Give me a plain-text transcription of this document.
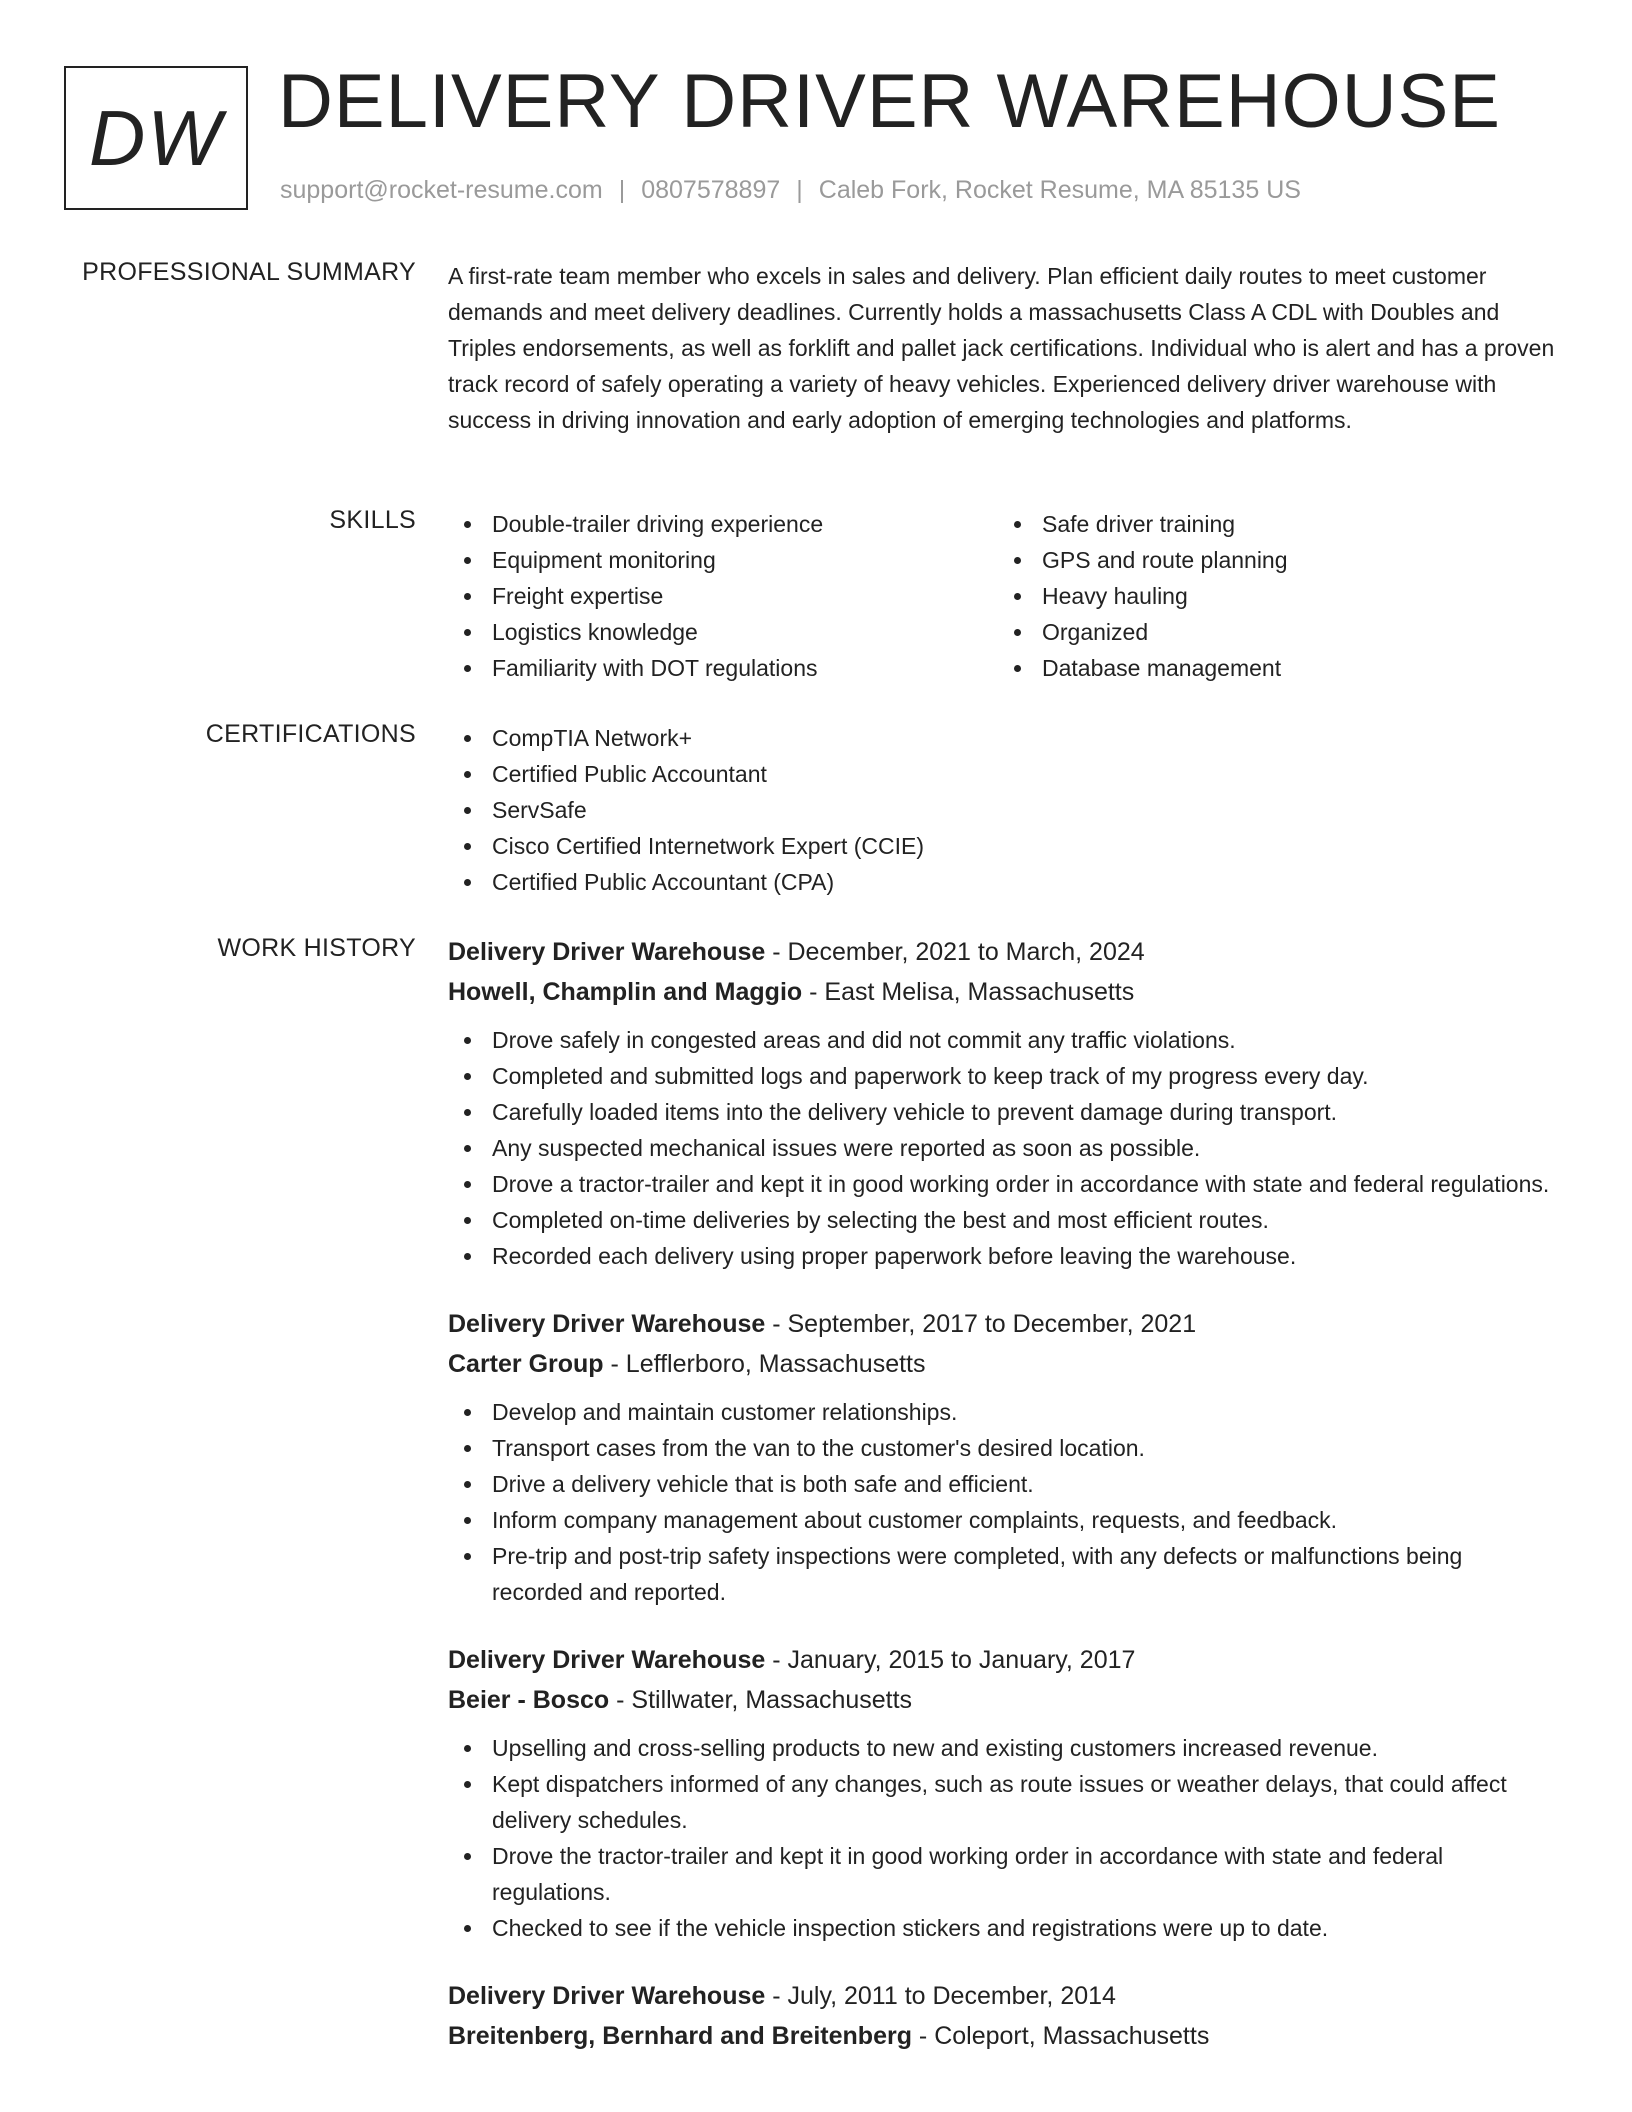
DW DELIVERY DRIVER WAREHOUSE
support@rocket-resume.com | 0807578897 | Caleb Fork, Rocket Resume, MA 85135 US
PROFESSIONAL SUMMARY A first-rate team member who excels in sales and delivery. Plan efficient daily routes to meet customer demands and meet delivery deadlines. Currently holds a massachusetts Class A CDL with Doubles and Triples endorsements, as well as forklift and pallet jack certifications. Individual who is alert and has a proven track record of safely operating a variety of heavy vehicles. Experienced delivery driver warehouse with success in driving innovation and early adoption of emerging technologies and platforms.

SKILLS	Double-trailer driving experience
Equipment monitoring
Freight expertise
Logistics knowledge
Familiarity with DOT regulations
Safe driver training
GPS and route planning
Heavy hauling
Organized
Database management
CERTIFICATIONS	CompTIA Network+
Certified Public Accountant
ServSafe
Cisco Certified Internetwork Expert (CCIE)
Certified Public Accountant (CPA)
WORK HISTORY Delivery Driver Warehouse - December, 2021 to March, 2024
Howell, Champlin and Maggio - East Melisa, Massachusetts
Drove safely in congested areas and did not commit any traffic violations.
Completed and submitted logs and paperwork to keep track of my progress every day.
Carefully loaded items into the delivery vehicle to prevent damage during transport.
Any suspected mechanical issues were reported as soon as possible.
Drove a tractor-trailer and kept it in good working order in accordance with state and federal regulations.
Completed on-time deliveries by selecting the best and most efficient routes.
Recorded each delivery using proper paperwork before leaving the warehouse.
Delivery Driver Warehouse - September, 2017 to December, 2021
Carter Group - Lefflerboro, Massachusetts
Develop and maintain customer relationships.
Transport cases from the van to the customer's desired location.
Drive a delivery vehicle that is both safe and efficient.
Inform company management about customer complaints, requests, and feedback.
Pre-trip and post-trip safety inspections were completed, with any defects or malfunctions being recorded and reported.
Delivery Driver Warehouse - January, 2015 to January, 2017
Beier - Bosco - Stillwater, Massachusetts
Upselling and cross-selling products to new and existing customers increased revenue.
Kept dispatchers informed of any changes, such as route issues or weather delays, that could affect delivery schedules.
Drove the tractor-trailer and kept it in good working order in accordance with state and federal regulations.
Checked to see if the vehicle inspection stickers and registrations were up to date.
Delivery Driver Warehouse - July, 2011 to December, 2014
Breitenberg, Bernhard and Breitenberg - Coleport, Massachusetts
